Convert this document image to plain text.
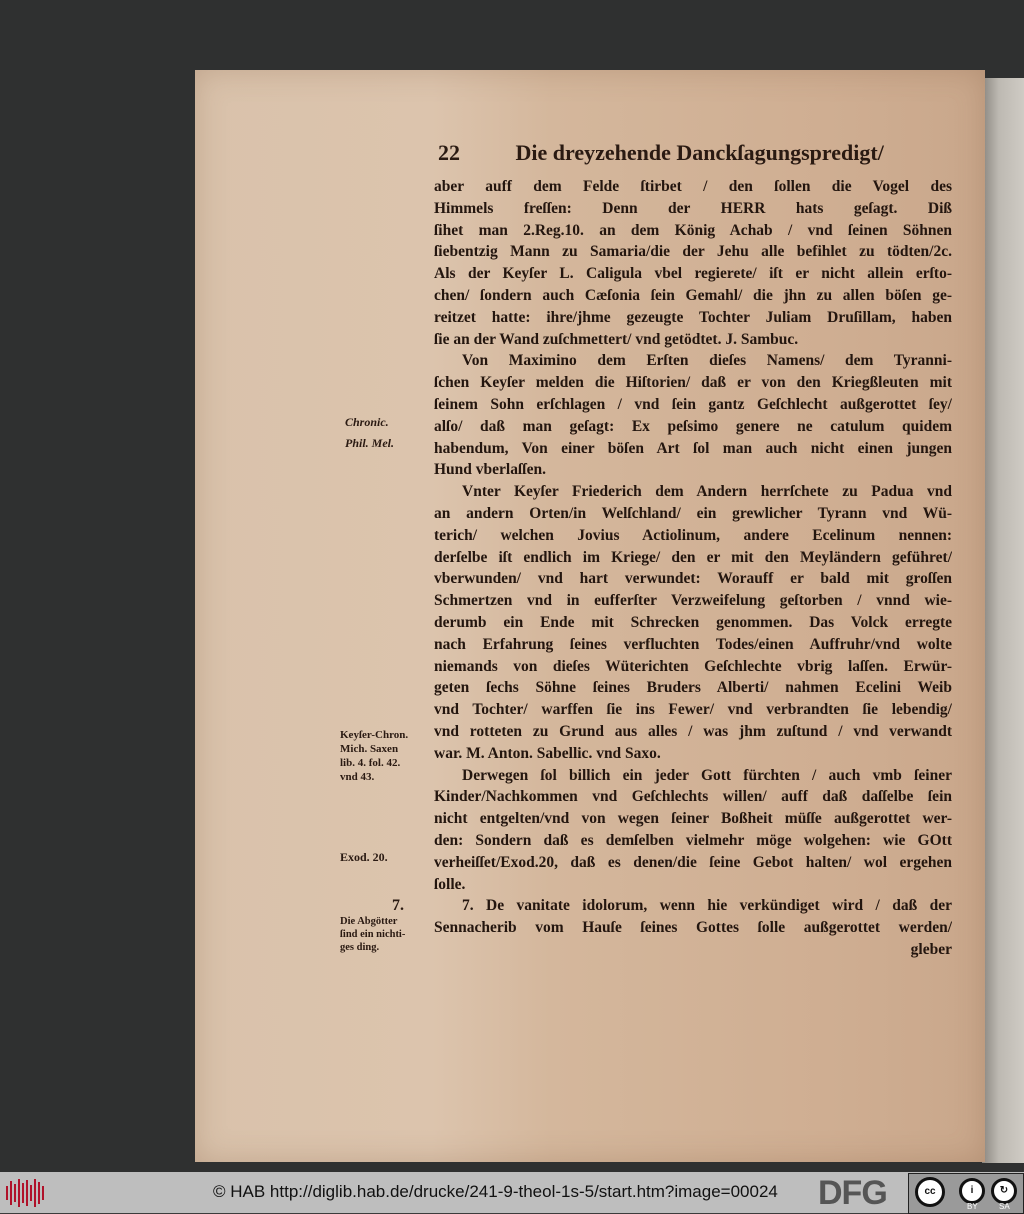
22	Die dreyzehende Danckſagungspredigt/
aber auff dem Felde ſtirbet / den ſollen die Vogel des
Himmels freſſen: Denn der HERR hats geſagt. Diß
ſihet man 2.Reg.10. an dem König Achab / vnd ſeinen Söhnen
ſiebentzig Mann zu Samaria/die der Jehu alle befihlet zu tödten/2c.
Als der Keyſer L. Caligula vbel regierete/ iſt er nicht allein erſto-
chen/ ſondern auch Cæſonia ſein Gemahl/ die jhn zu allen böſen ge-
reitzet hatte: ihre/jhme gezeugte Tochter Juliam Druſillam, haben
ſie an der Wand zuſchmettert/ vnd getödtet. J. Sambuc.
Von Maximino dem Erſten dieſes Namens/ dem Tyranni-
ſchen Keyſer melden die Hiſtorien/ daß er von den Kriegßleuten mit
ſeinem Sohn erſchlagen / vnd ſein gantz Geſchlecht außgerottet ſey/
alſo/ daß man geſagt: Ex peſsimo genere ne catulum quidem
habendum, Von einer böſen Art ſol man auch nicht einen jungen
Hund vberlaſſen.
Vnter Keyſer Friederich dem Andern herrſchete zu Padua vnd
an andern Orten/in Welſchland/ ein grewlicher Tyrann vnd Wü-
terich/ welchen Jovius Actiolinum, andere Ecelinum nennen:
derſelbe iſt endlich im Kriege/ den er mit den Meyländern geführet/
vberwunden/ vnd hart verwundet: Worauff er bald mit groſſen
Schmertzen vnd in eufferſter Verzweifelung geſtorben / vnnd wie-
derumb ein Ende mit Schrecken genommen. Das Volck erregte
nach Erfahrung ſeines verfluchten Todes/einen Auffruhr/vnd wolte
niemands von dieſes Wüterichten Geſchlechte vbrig laſſen. Erwür-
geten ſechs Söhne ſeines Bruders Alberti/ nahmen Ecelini Weib
vnd Tochter/ warffen ſie ins Fewer/ vnd verbrandten ſie lebendig/
vnd rotteten zu Grund aus alles / was jhm zuſtund / vnd verwandt
war. M. Anton. Sabellic. vnd Saxo.
Derwegen ſol billich ein jeder Gott fürchten / auch vmb ſeiner
Kinder/Nachkommen vnd Geſchlechts willen/ auff daß daſſelbe ſein
nicht entgelten/vnd von wegen ſeiner Boßheit müſſe außgerottet wer-
den: Sondern daß es demſelben vielmehr möge wolgehen: wie GOtt
verheiſſet/Exod.20, daß es denen/die ſeine Gebot halten/ wol ergehen
ſolle.
7. De vanitate idolorum, wenn hie verkündiget wird / daß der
Sennacherib vom Hauſe ſeines Gottes ſolle außgerottet werden/
gleber
Chronic.
Phil. Mel.
Keyſer-Chron.
Mich. Saxen
lib. 4. fol. 42.
vnd 43.
Exod. 20.
7.
Die Abgötter
ſind ein nichti-
ges ding.
© HAB http://diglib.hab.de/drucke/241-9-theol-1s-5/start.htm?image=00024 DFG	cc	i	↻
BY	SA
